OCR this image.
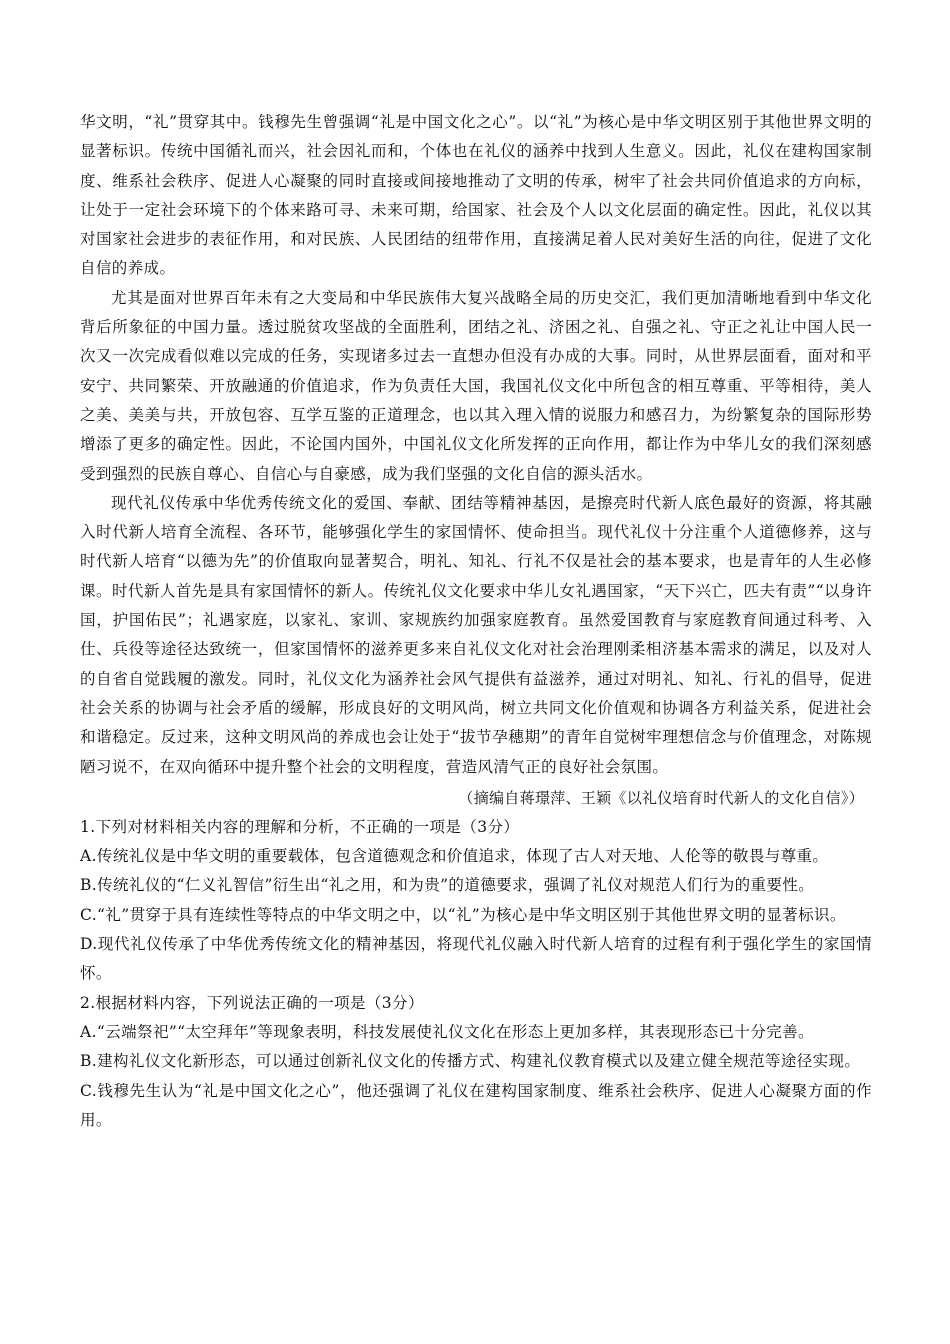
华文明，“礼”贯穿其中。钱穆先生曾强调“礼是中国文化之心”。以“礼”为核心是中华文明区别于其他世界文明的显著标识。传统中国循礼而兴，社会因礼而和，个体也在礼仪的涵养中找到人生意义。因此，礼仪在建构国家制度、维系社会秩序、促进人心凝聚的同时直接或间接地推动了文明的传承，树牢了社会共同价值追求的方向标，让处于一定社会环境下的个体来路可寻、未来可期，给国家、社会及个人以文化层面的确定性。因此，礼仪以其对国家社会进步的表征作用，和对民族、人民团结的纽带作用，直接满足着人民对美好生活的向往，促进了文化自信的养成。

尤其是面对世界百年未有之大变局和中华民族伟大复兴战略全局的历史交汇，我们更加清晰地看到中华文化背后所象征的中国力量。透过脱贫攻坚战的全面胜利，团结之礼、济困之礼、自强之礼、守正之礼让中国人民一次又一次完成看似难以完成的任务，实现诸多过去一直想办但没有办成的大事。同时，从世界层面看，面对和平安宁、共同繁荣、开放融通的价值追求，作为负责任大国，我国礼仪文化中所包含的相互尊重、平等相待，美人之美、美美与共，开放包容、互学互鉴的正道理念，也以其入理入情的说服力和感召力，为纷繁复杂的国际形势增添了更多的确定性。因此，不论国内国外，中国礼仪文化所发挥的正向作用，都让作为中华儿女的我们深刻感受到强烈的民族自尊心、自信心与自豪感，成为我们坚强的文化自信的源头活水。

现代礼仪传承中华优秀传统文化的爱国、奉献、团结等精神基因，是擦亮时代新人底色最好的资源，将其融入时代新人培育全流程、各环节，能够强化学生的家国情怀、使命担当。现代礼仪十分注重个人道德修养，这与时代新人培育“以德为先”的价值取向显著契合，明礼、知礼、行礼不仅是社会的基本要求，也是青年的人生必修课。时代新人首先是具有家国情怀的新人。传统礼仪文化要求中华儿女礼遇国家，“天下兴亡，匹夫有责”“以身许国，护国佑民”；礼遇家庭，以家礼、家训、家规族约加强家庭教育。虽然爱国教育与家庭教育间通过科考、入仕、兵役等途径达致统一，但家国情怀的滋养更多来自礼仪文化对社会治理刚柔相济基本需求的满足，以及对人的自省自觉践履的激发。同时，礼仪文化为涵养社会风气提供有益滋养，通过对明礼、知礼、行礼的倡导，促进社会关系的协调与社会矛盾的缓解，形成良好的文明风尚，树立共同文化价值观和协调各方利益关系，促进社会和谐稳定。反过来，这种文明风尚的养成也会让处于“拔节孕穗期”的青年自觉树牢理想信念与价值理念，对陈规陋习说不，在双向循环中提升整个社会的文明程度，营造风清气正的良好社会氛围。

（摘编自蒋璟萍、王颖《以礼仪培育时代新人的文化自信》）

1.下列对材料相关内容的理解和分析，不正确的一项是（3分）

A.传统礼仪是中华文明的重要载体，包含道德观念和价值追求，体现了古人对天地、人伦等的敬畏与尊重。

B.传统礼仪的“仁义礼智信”衍生出“礼之用，和为贵”的道德要求，强调了礼仪对规范人们行为的重要性。

C.“礼”贯穿于具有连续性等特点的中华文明之中，以“礼”为核心是中华文明区别于其他世界文明的显著标识。

D.现代礼仪传承了中华优秀传统文化的精神基因，将现代礼仪融入时代新人培育的过程有利于强化学生的家国情怀。

2.根据材料内容，下列说法正确的一项是（3分）

A.“云端祭祀”“太空拜年”等现象表明，科技发展使礼仪文化在形态上更加多样，其表现形态已十分完善。

B.建构礼仪文化新形态，可以通过创新礼仪文化的传播方式、构建礼仪教育模式以及建立健全规范等途径实现。

C.钱穆先生认为“礼是中国文化之心”，他还强调了礼仪在建构国家制度、维系社会秩序、促进人心凝聚方面的作用。
